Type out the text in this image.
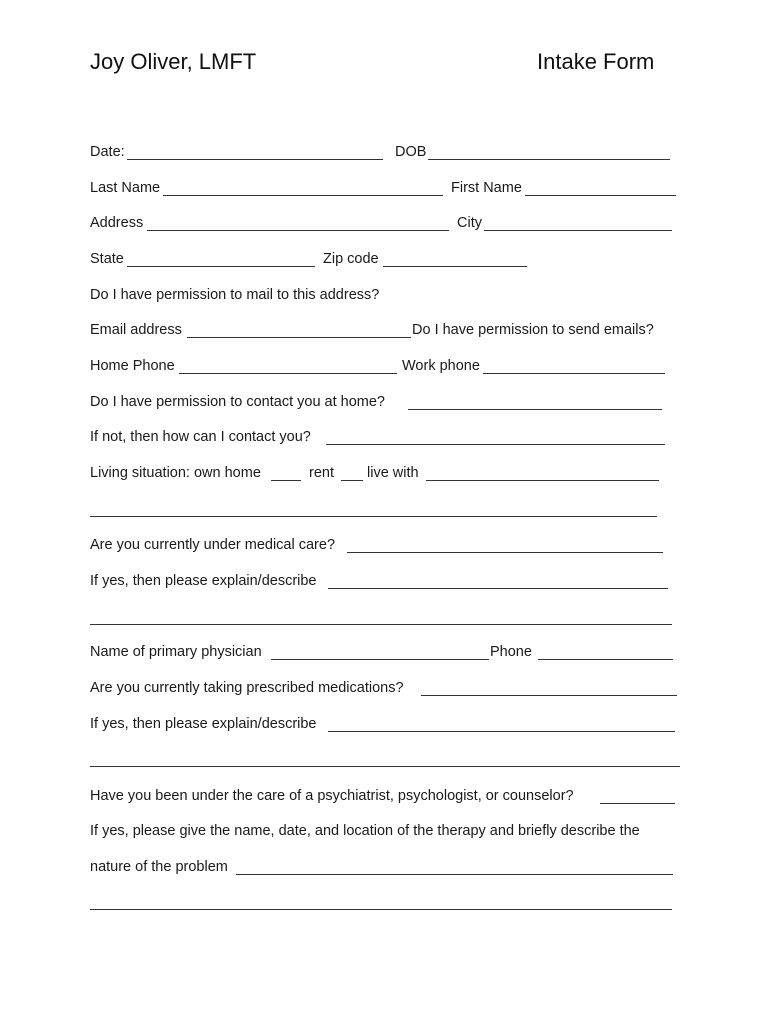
Joy Oliver, LMFT	Intake Form
Date:	DOB
Last Name	First Name
Address	City
State	Zip code
Do I have permission to mail to this address?
Email address	Do I have permission to send emails?
Home Phone	Work phone
Do I have permission to contact you at home?
If not, then how can I contact you?
Living situation: own home	rent live with
Are you currently under medical care?
If yes, then please explain/describe
Name of primary physician	Phone
Are you currently taking prescribed medications?
If yes, then please explain/describe
Have you been under the care of a psychiatrist, psychologist, or counselor?
If yes, please give the name, date, and location of the therapy and briefly describe the
nature of the problem
